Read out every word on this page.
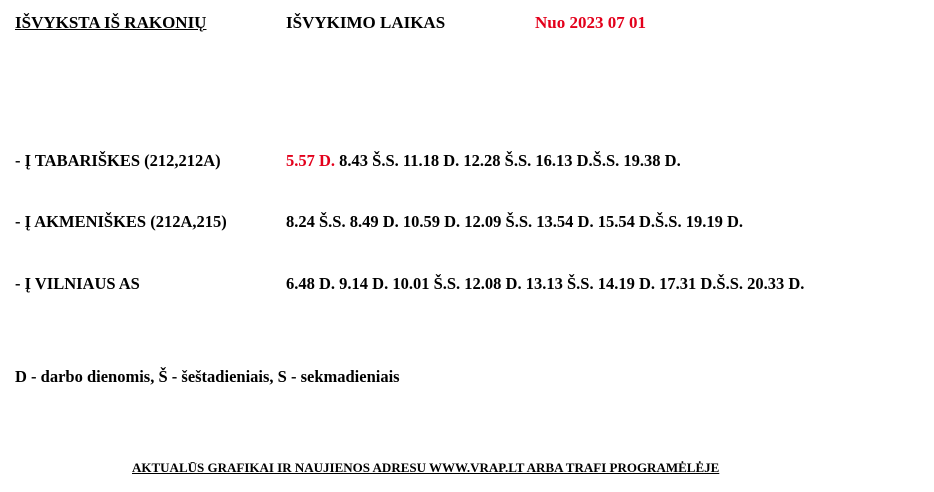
IŠVYKSTA IŠ RAKONIŲ	IŠVYKIMO LAIKAS	Nuo 2023 07 01
- Į TABARIŠKES (212,212A)	5.57 D. 8.43 Š.S. 11.18 D. 12.28 Š.S. 16.13 D.Š.S. 19.38 D.
- Į AKMENIŠKES (212A,215)	8.24 Š.S. 8.49 D. 10.59 D. 12.09 Š.S. 13.54 D. 15.54 D.Š.S. 19.19 D.
- Į VILNIAUS AS	6.48 D. 9.14 D. 10.01 Š.S. 12.08 D. 13.13 Š.S. 14.19 D. 17.31 D.Š.S. 20.33 D.
D - darbo dienomis, Š - šeštadieniais, S - sekmadieniais
AKTUALŪS GRAFIKAI IR NAUJIENOS ADRESU WWW.VRAP.LT ARBA TRAFI PROGRAMĖLĖJE
